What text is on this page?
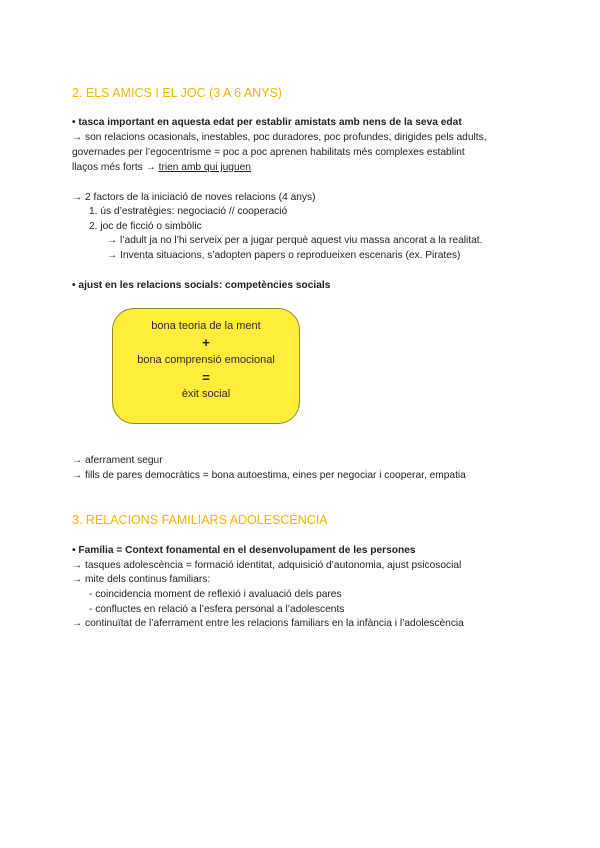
2. ELS AMICS I EL JOC (3 A 6 ANYS)
• tasca important en aquesta edat per establir amistats amb nens de la seva edat
→ son relacions ocasionals, inestables, poc duradores, poc profundes, dirigides pels adults,
governades per l’egocentrisme = poc a poc aprenen habilitats més complexes establint
llaços més forts → trien amb qui juguen
→ 2 factors de la iniciació de noves relacions (4 anys)
1. ús d’estratègies: negociació // cooperació
2. joc de ficció o simbòlic
→ l’adult ja no l’hi serveix per a jugar perquè aquest viu massa ancorat a la realitat.
→ Inventa situacions, s’adopten papers o reprodueixen escenaris (ex. Pirates)
• ajust en les relacions socials: competències socials
bona teoria de la ment
+
bona comprensió emocional
=
èxit social
→ aferrament segur
→ fills de pares democràtics = bona autoestima, eines per negociar i cooperar, empatia
3. RELACIONS FAMILIARS ADOLESCÈNCIA
• Família = Context fonamental en el desenvolupament de les persones
→ tasques adolescència = formació identitat, adquisició d’autonomia, ajust psicosocial
→ mite dels continus familiars:
- coincidencia moment de reflexió i avaluació dels pares
- confluctes en relació a l’esfera personal a l’adolescents
→ continuïtat de l’aferrament entre les relacions familiars en la infància i l’adolescència
